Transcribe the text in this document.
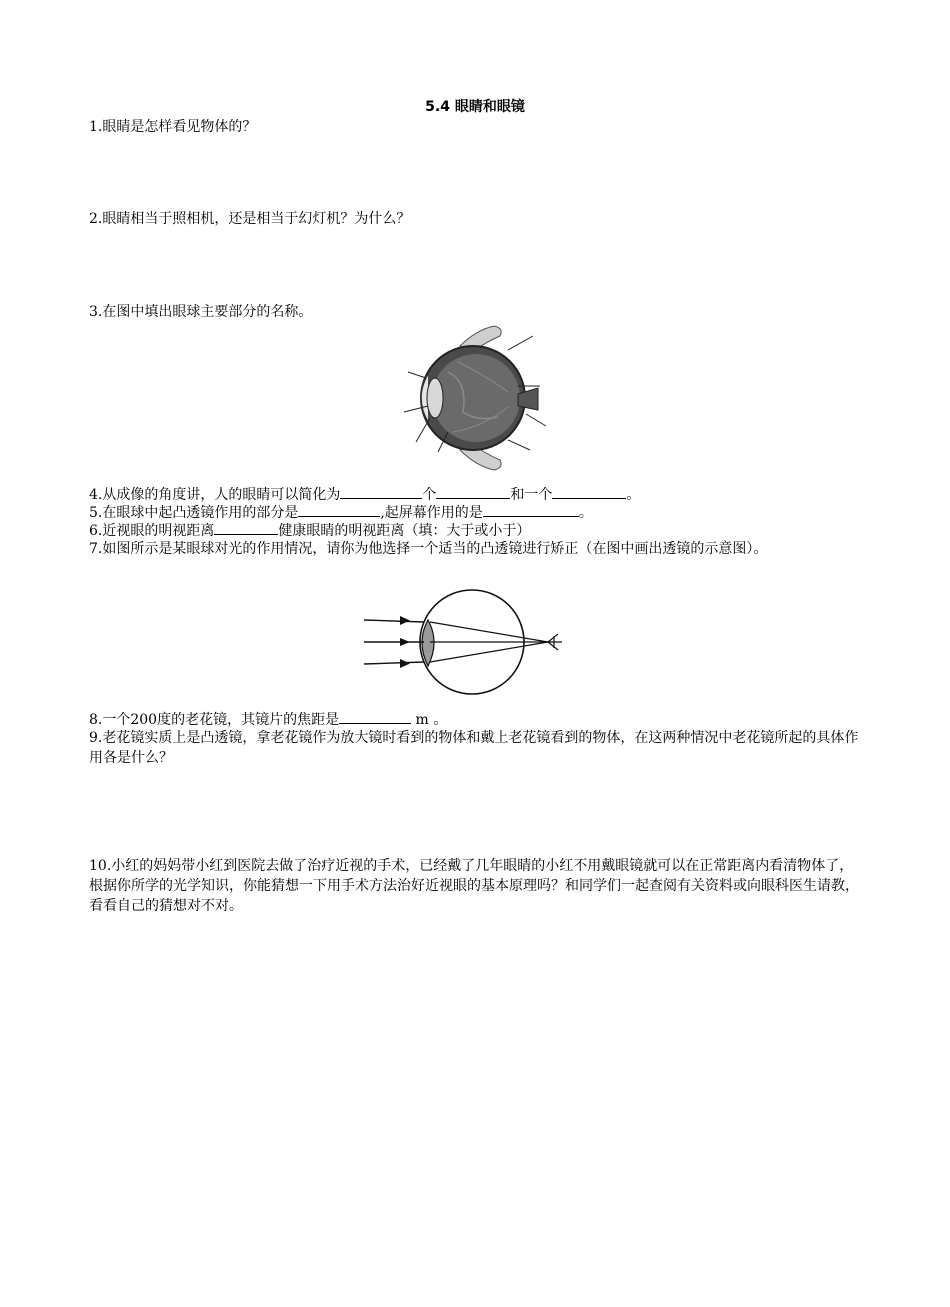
5.4 眼睛和眼镜
1.眼睛是怎样看见物体的？
2.眼睛相当于照相机，还是相当于幻灯机？为什么？
3.在图中填出眼球主要部分的名称。
4.从成像的角度讲，人的眼睛可以简化为	个	和一个	。
5.在眼球中起凸透镜作用的部分是	,起屏幕作用的是	。
6.近视眼的明视距离	健康眼睛的明视距离（填：大于或小于）
7.如图所示是某眼球对光的作用情况，请你为他选择一个适当的凸透镜进行矫正（在图中画出透镜的示意图）。
8.一个200度的老花镜，其镜片的焦距是	m 。
9.老花镜实质上是凸透镜，拿老花镜作为放大镜时看到的物体和戴上老花镜看到的物体，在这两种情况中老花镜所起的具体作用各是什么？
10.小红的妈妈带小红到医院去做了治疗近视的手术，已经戴了几年眼睛的小红不用戴眼镜就可以在正常距离内看清物体了，根据你所学的光学知识，你能猜想一下用手术方法治好近视眼的基本原理吗？和同学们一起查阅有关资料或向眼科医生请教，看看自己的猜想对不对。
